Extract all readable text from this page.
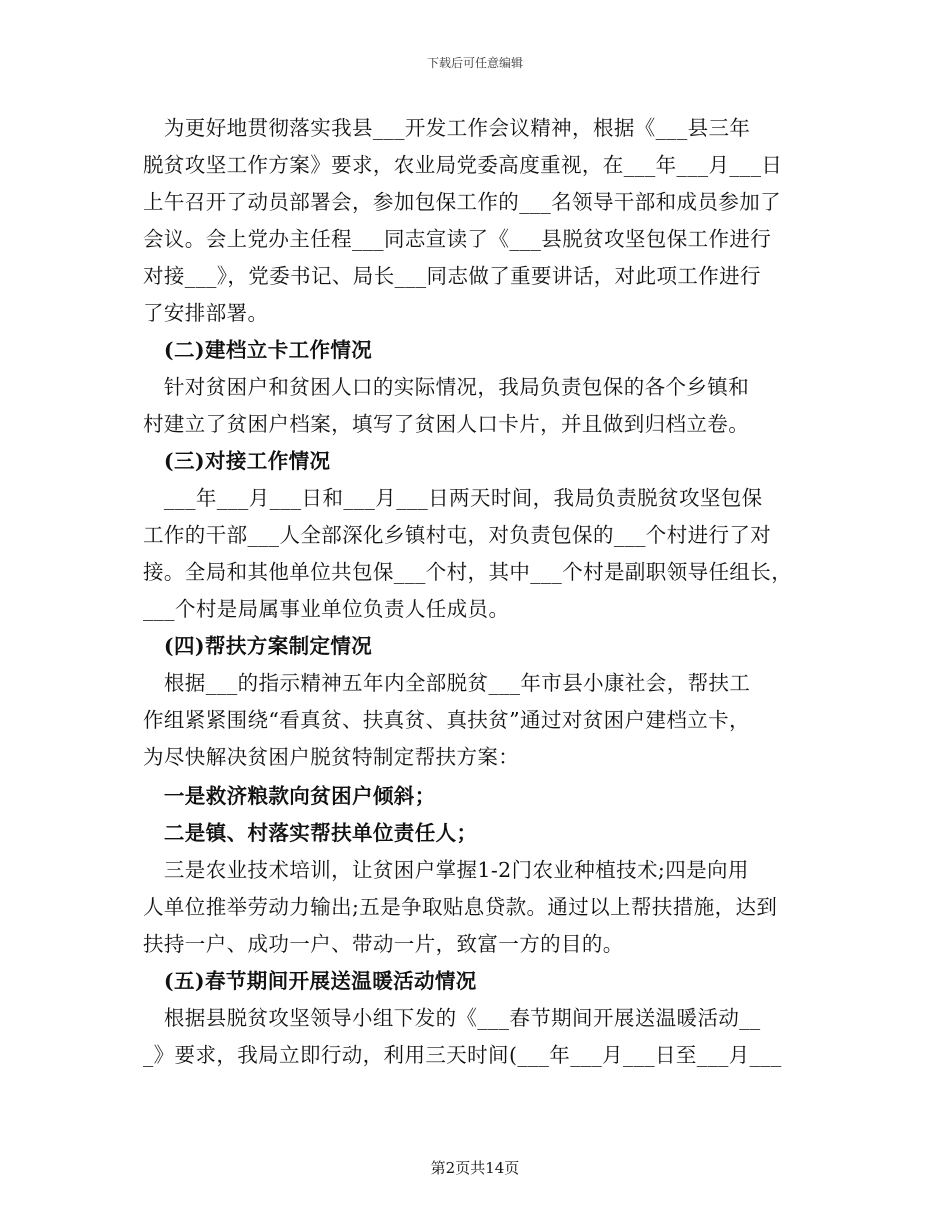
下载后可任意编辑
　为更好地贯彻落实我县___开发工作会议精神，根据《___县三年
脱贫攻坚工作方案》要求，农业局党委高度重视，在___年___月___日
上午召开了动员部署会，参加包保工作的___名领导干部和成员参加了
会议。会上党办主任程___同志宣读了《___县脱贫攻坚包保工作进行
对接___》，党委书记、局长___同志做了重要讲话，对此项工作进行
了安排部署。
　(二)建档立卡工作情况
　针对贫困户和贫困人口的实际情况，我局负责包保的各个乡镇和
村建立了贫困户档案，填写了贫困人口卡片，并且做到归档立卷。
　(三)对接工作情况
　___年___月___日和___月___日两天时间，我局负责脱贫攻坚包保
工作的干部___人全部深化乡镇村屯，对负责包保的___个村进行了对
接。全局和其他单位共包保___个村，其中___个村是副职领导任组长，
___个村是局属事业单位负责人任成员。
　(四)帮扶方案制定情况
　根据___的指示精神五年内全部脱贫___年市县小康社会，帮扶工
作组紧紧围绕“看真贫、扶真贫、真扶贫”通过对贫困户建档立卡，
为尽快解决贫困户脱贫特制定帮扶方案：
　一是救济粮款向贫困户倾斜；
　二是镇、村落实帮扶单位责任人；
　三是农业技术培训，让贫困户掌握1-2门农业种植技术;四是向用
人单位推举劳动力输出;五是争取贴息贷款。通过以上帮扶措施，达到
扶持一户、成功一户、带动一片，致富一方的目的。
　(五)春节期间开展送温暖活动情况
　根据县脱贫攻坚领导小组下发的《___春节期间开展送温暖活动__
_》要求，我局立即行动，利用三天时间(___年___月___日至___月___
第2页共14页
